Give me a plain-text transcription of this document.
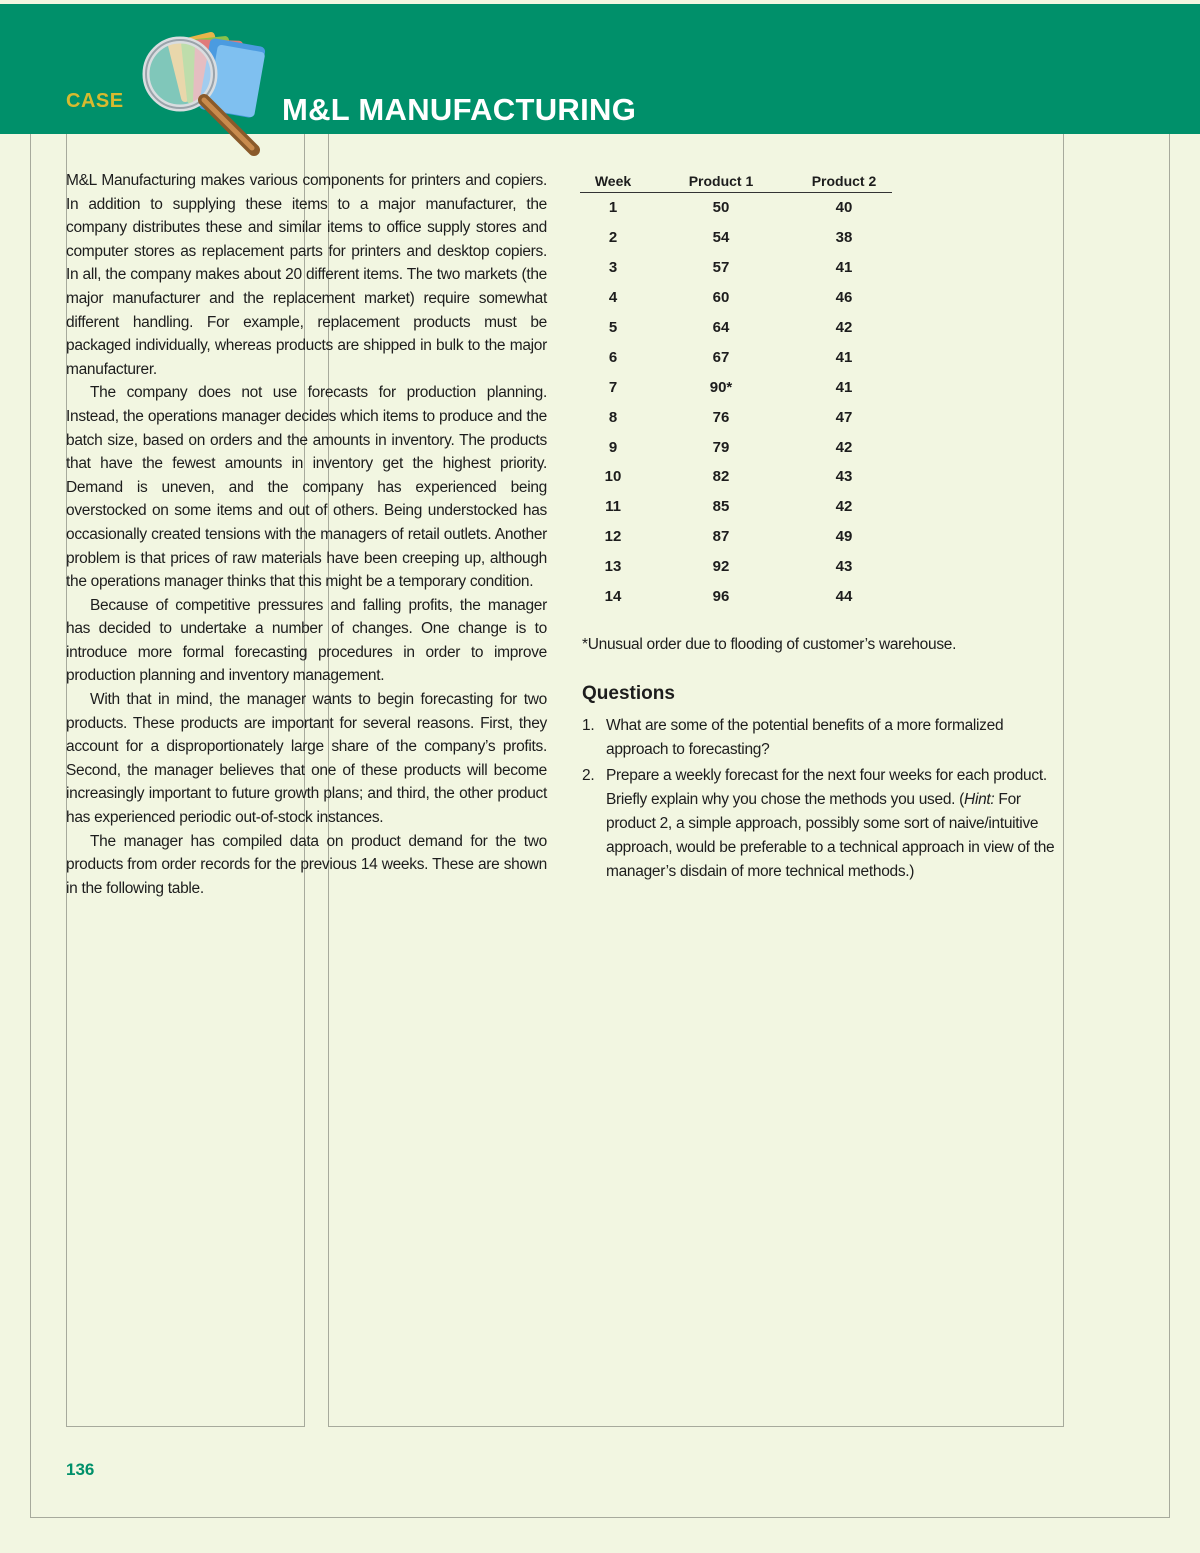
CASE	M&L MANUFACTURING

M&L Manufacturing makes various components for printers and copiers. In addition to supplying these items to a major manufacturer, the company distributes these and similar items to office supply stores and computer stores as replacement parts for printers and desktop copiers. In all, the company makes about 20 different items. The two markets (the major manufacturer and the replacement market) require somewhat different handling. For example, replacement products must be packaged individually, whereas products are shipped in bulk to the major manufacturer.

The company does not use forecasts for production planning. Instead, the operations manager decides which items to produce and the batch size, based on orders and the amounts in inventory. The products that have the fewest amounts in inventory get the highest priority. Demand is uneven, and the company has experienced being overstocked on some items and out of others. Being understocked has occasionally created tensions with the managers of retail outlets. Another problem is that prices of raw materials have been creeping up, although the operations manager thinks that this might be a temporary condition.

Because of competitive pressures and falling profits, the manager has decided to undertake a number of changes. One change is to introduce more formal forecasting procedures in order to improve production planning and inventory management.

With that in mind, the manager wants to begin forecasting for two products. These products are important for several reasons. First, they account for a disproportionately large share of the company’s profits. Second, the manager believes that one of these products will become increasingly important to future growth plans; and third, the other product has experienced periodic out-of-stock instances.

The manager has compiled data on product demand for the two products from order records for the previous 14 weeks. These are shown in the following table.

Week	Product 1	Product 2
1	50	40
2	54	38
3	57	41
4	60	46
5	64	42
6	67	41
7	90*	41
8	76	47
9	79	42
10	82	43
11	85	42
12	87	49
13	92	43
14	96	44
*Unusual order due to flooding of customer’s warehouse.
Questions
1. What are some of the potential benefits of a more formalized approach to forecasting?
2. Prepare a weekly forecast for the next four weeks for each product. Briefly explain why you chose the methods you used. (Hint: For product 2, a simple approach, possibly some sort of naive/intuitive approach, would be preferable to a technical approach in view of the manager’s disdain of more technical methods.)
136
